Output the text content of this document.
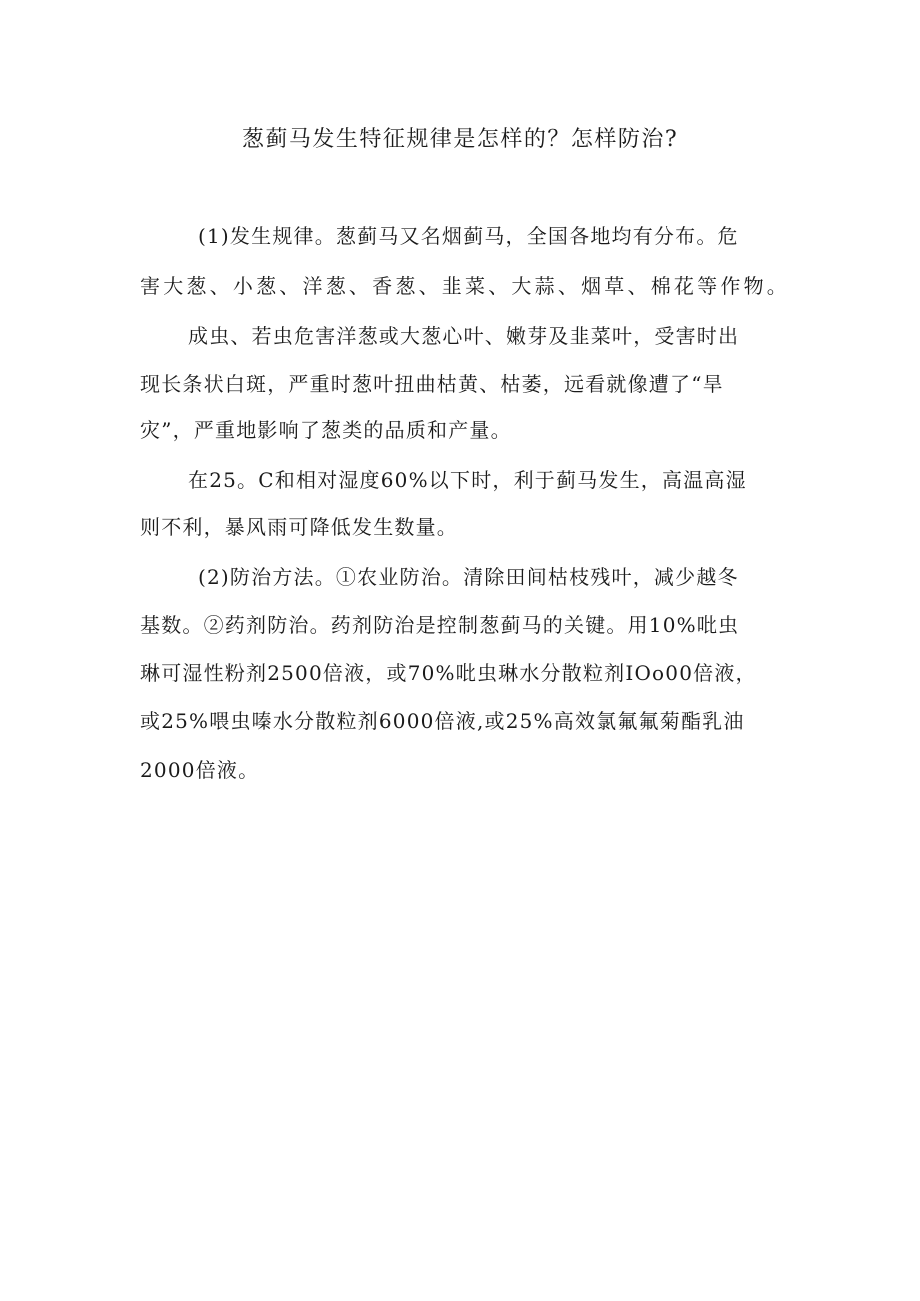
葱蓟马发生特征规律是怎样的？怎样防治?
(1)发生规律。葱蓟马又名烟蓟马，全国各地均有分布。危
害大葱、小葱、洋葱、香葱、韭菜、大蒜、烟草、棉花等作物。
成虫、若虫危害洋葱或大葱心叶、嫩芽及韭菜叶，受害时出
现长条状白斑，严重时葱叶扭曲枯黄、枯萎，远看就像遭了“旱
灾”，严重地影响了葱类的品质和产量。
在25。C和相对湿度60%以下时，利于蓟马发生，高温高湿
则不利，暴风雨可降低发生数量。
(2)防治方法。①农业防治。清除田间枯枝残叶，减少越冬
基数。②药剂防治。药剂防治是控制葱蓟马的关键。用10%吡虫
琳可湿性粉剂2500倍液，或70%吡虫琳水分散粒剂IOo00倍液，
或25%喂虫嗪水分散粒剂6000倍液,或25%高效氯氟氟菊酯乳油
2000倍液。
